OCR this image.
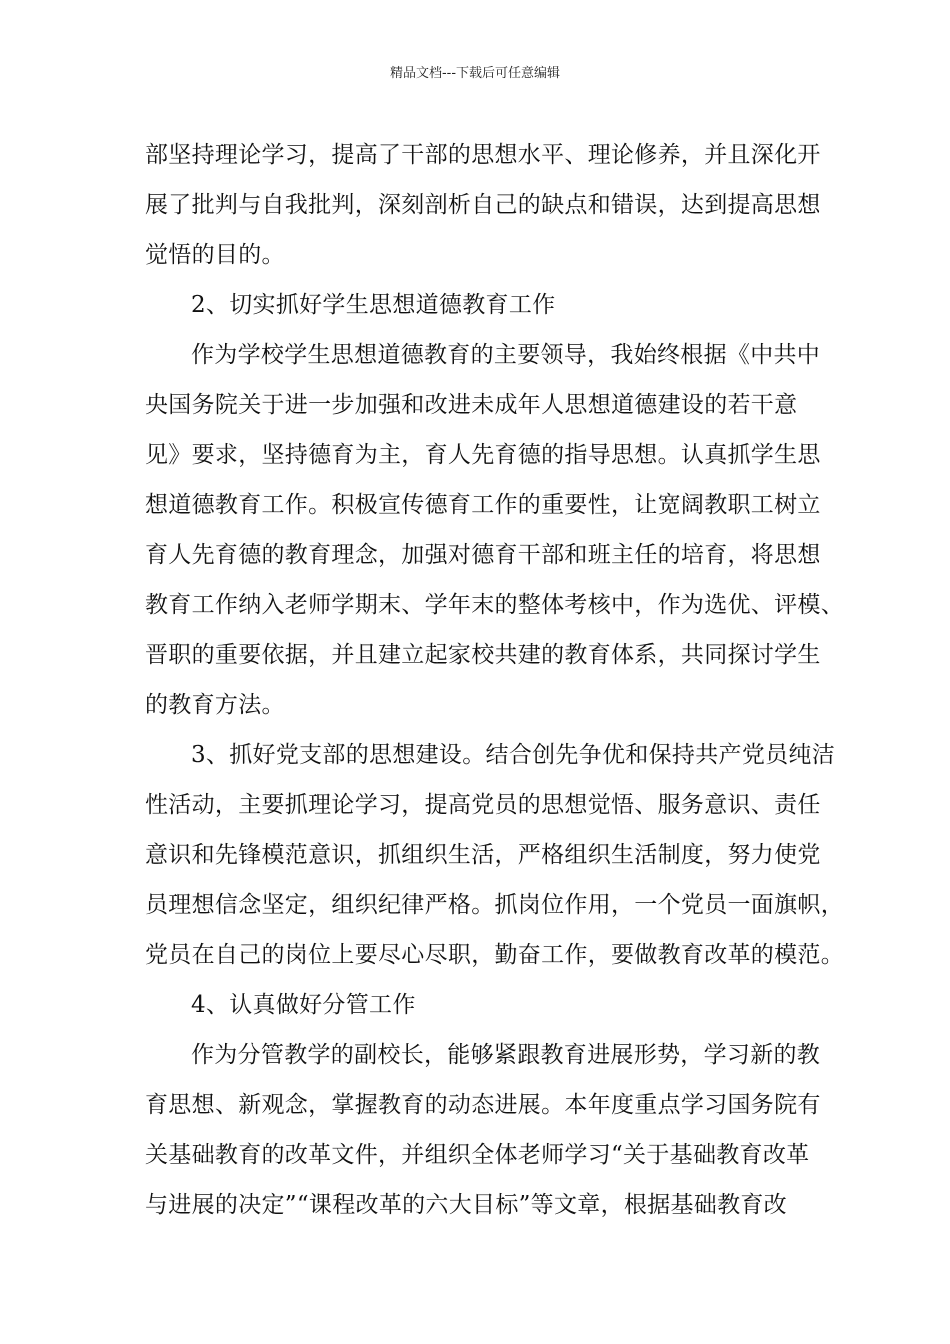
精品文档---下载后可任意编辑
部坚持理论学习，提高了干部的思想水平、理论修养，并且深化开
展了批判与自我批判，深刻剖析自己的缺点和错误，达到提高思想
觉悟的目的。
2、切实抓好学生思想道德教育工作
作为学校学生思想道德教育的主要领导，我始终根据《中共中
央国务院关于进一步加强和改进未成年人思想道德建设的若干意
见》要求，坚持德育为主，育人先育德的指导思想。认真抓学生思
想道德教育工作。积极宣传德育工作的重要性，让宽阔教职工树立
育人先育德的教育理念，加强对德育干部和班主任的培育，将思想
教育工作纳入老师学期末、学年末的整体考核中，作为选优、评模、
晋职的重要依据，并且建立起家校共建的教育体系，共同探讨学生
的教育方法。
3、抓好党支部的思想建设。结合创先争优和保持共产党员纯洁
性活动，主要抓理论学习，提高党员的思想觉悟、服务意识、责任
意识和先锋模范意识，抓组织生活，严格组织生活制度，努力使党
员理想信念坚定，组织纪律严格。抓岗位作用，一个党员一面旗帜，
党员在自己的岗位上要尽心尽职，勤奋工作，要做教育改革的模范。
4、认真做好分管工作
作为分管教学的副校长，能够紧跟教育进展形势，学习新的教
育思想、新观念，掌握教育的动态进展。本年度重点学习国务院有
关基础教育的改革文件，并组织全体老师学习“关于基础教育改革
与进展的决定”“课程改革的六大目标”等文章，根据基础教育改
